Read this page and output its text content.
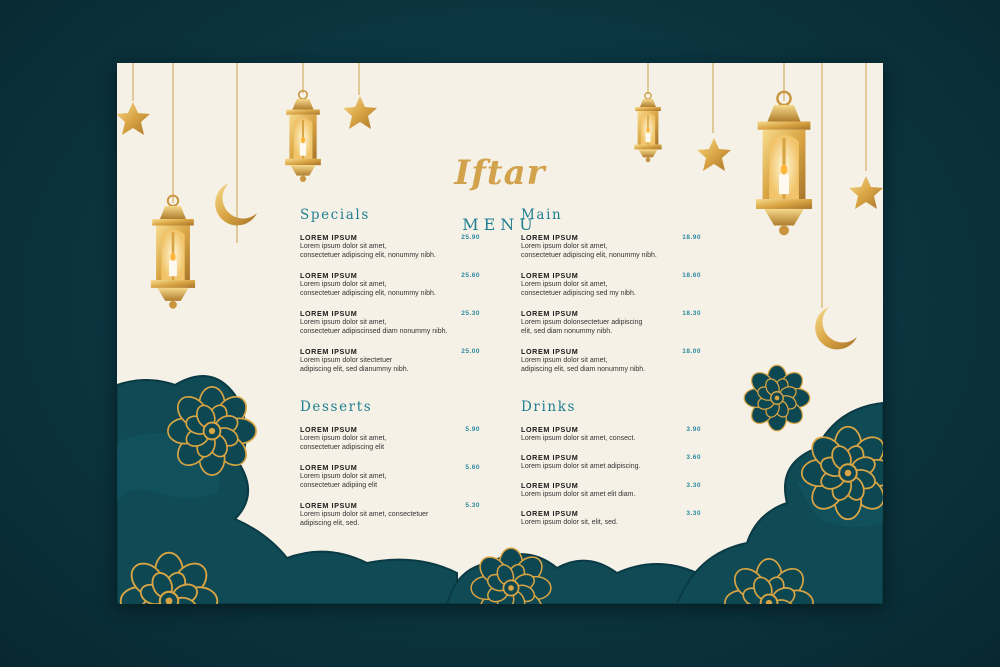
Iftar
MENU
Specials
LOREM IPSUM
Lorem ipsum dolor sit amet,
consectetuer adipiscing elit, nonummy nibh.
25.90
LOREM IPSUM
Lorem ipsum dolor sit amet,
consectetuer adipiscing elit, nonummy nibh.
25.60
LOREM IPSUM
Lorem ipsum dolor sit amet,
consectetuer adipiscinsed diam nonummy nibh.
25.30
LOREM IPSUM
Lorem ipsum dolor sitectetuer
adipiscing elit, sed dianummy nibh.
25.00
Main
LOREM IPSUM
Lorem ipsum dolor sit amet,
consectetuer adipiscing elit, nonummy nibh.
18.90
LOREM IPSUM
Lorem ipsum dolor sit amet,
consectetuer adipiscing sed my nibh.
18.60
LOREM IPSUM
Lorem ipsum dolonsectetuer adipiscing
elit, sed diam nonummy nibh.
18.30
LOREM IPSUM
Lorem ipsum dolor sit amet,
adipiscing elit, sed diam nonummy nibh.
18.00
Desserts
LOREM IPSUM
Lorem ipsum dolor sit amet,
consectetuer adipiscing elit
5.90
LOREM IPSUM
Lorem ipsum dolor sit amet,
consectetuer adipiing elit
5.60
LOREM IPSUM
Lorem ipsum dolor sit amet, consectetuer
adipiscing elit, sed.
5.30
Drinks
LOREM IPSUM
Lorem ipsum dolor sit amet, consect.
3.90
LOREM IPSUM
Lorem ipsum dolor sit amet adipiscing.
3.60
LOREM IPSUM
Lorem ipsum dolor sit amet elit diam.
3.30
LOREM IPSUM
Lorem ipsum dolor sit, elit, sed.
3.30
